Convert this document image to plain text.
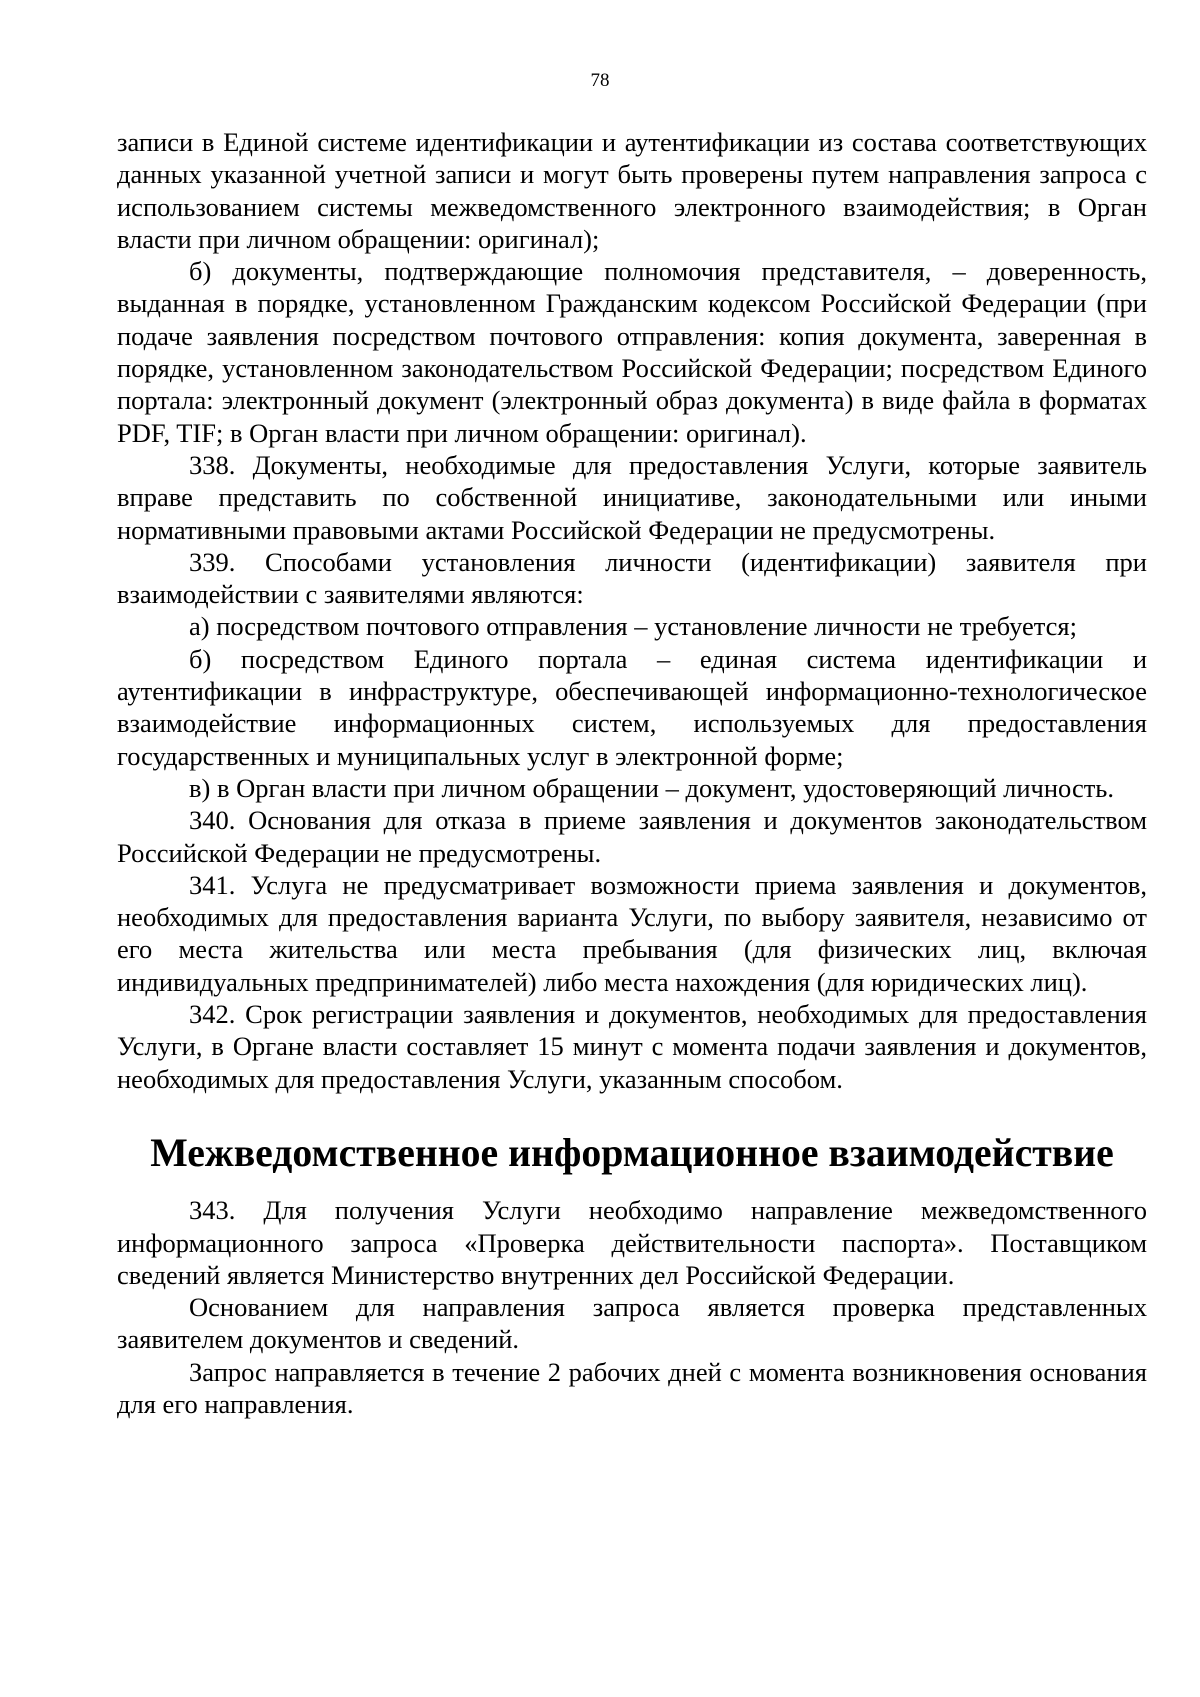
78

записи в Единой системе идентификации и аутентификации из состава соответствующих данных указанной учетной записи и могут быть проверены путем направления запроса с использованием системы межведомственного электронного взаимодействия; в Орган власти при личном обращении: оригинал);

б) документы, подтверждающие полномочия представителя, – доверенность, выданная в порядке, установленном Гражданским кодексом Российской Федерации (при подаче заявления посредством почтового отправления: копия документа, заверенная в порядке, установленном законодательством Российской Федерации; посредством Единого портала: электронный документ (электронный образ документа) в виде файла в форматах PDF, TIF; в Орган власти при личном обращении: оригинал).

338. Документы, необходимые для предоставления Услуги, которые заявитель вправе представить по собственной инициативе, законодательными или иными нормативными правовыми актами Российской Федерации не предусмотрены.

339. Способами установления личности (идентификации) заявителя при взаимодействии с заявителями являются:

а) посредством почтового отправления – установление личности не требуется;

б) посредством Единого портала – единая система идентификации и аутентификации в инфраструктуре, обеспечивающей информационно-технологическое взаимодействие информационных систем, используемых для предоставления государственных и муниципальных услуг в электронной форме;

в) в Орган власти при личном обращении – документ, удостоверяющий личность.

340. Основания для отказа в приеме заявления и документов законодательством Российской Федерации не предусмотрены.

341. Услуга не предусматривает возможности приема заявления и документов, необходимых для предоставления варианта Услуги, по выбору заявителя, независимо от его места жительства или места пребывания (для физических лиц, включая индивидуальных предпринимателей) либо места нахождения (для юридических лиц).

342. Срок регистрации заявления и документов, необходимых для предоставления Услуги, в Органе власти составляет 15 минут с момента подачи заявления и документов, необходимых для предоставления Услуги, указанным способом.

Межведомственное информационное взаимодействие

343. Для получения Услуги необходимо направление межведомственного информационного запроса «Проверка действительности паспорта». Поставщиком сведений является Министерство внутренних дел Российской Федерации.

Основанием для направления запроса является проверка представленных заявителем документов и сведений.

Запрос направляется в течение 2 рабочих дней с момента возникновения основания для его направления.
